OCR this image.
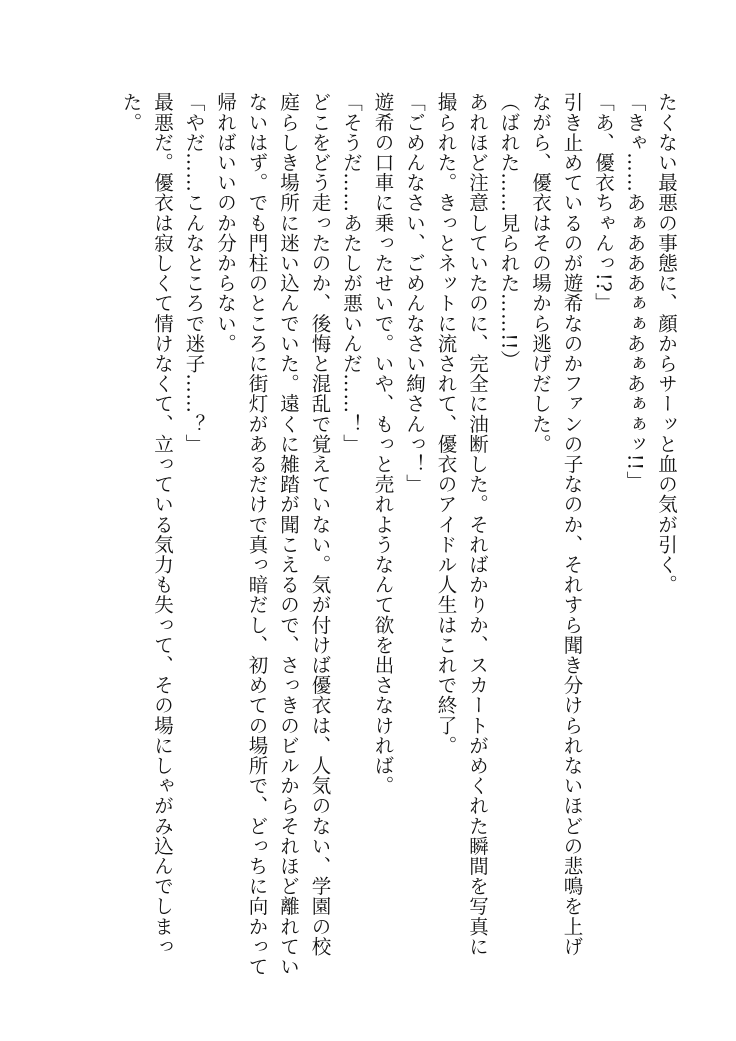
たくない最悪の事態に、顔からサーッと血の気が引く。
「きゃ……あぁあああぁぁあぁあぁぁッ!!」
「あ、優衣ちゃんっ!?」
引き止めているのが遊希なのかファンの子なのか、それすら聞き分けられないほどの悲鳴を上げ
ながら、優衣はその場から逃げだした。
（ばれた……見られた……!!）
あれほど注意していたのに、完全に油断した。そればかりか、スカートがめくれた瞬間を写真に
撮られた。きっとネットに流されて、優衣のアイドル人生はこれで終了。
「ごめんなさい、ごめんなさい絢さんっ！」
遊希の口車に乗ったせいで。いや、もっと売れようなんて欲を出さなければ。
「そうだ……あたしが悪いんだ……！」
どこをどう走ったのか、後悔と混乱で覚えていない。気が付けば優衣は、人気のない、学園の校
庭らしき場所に迷い込んでいた。遠くに雑踏が聞こえるので、さっきのビルからそれほど離れてい
ないはず。でも門柱のところに街灯があるだけで真っ暗だし、初めての場所で、どっちに向かって
帰ればいいのか分からない。
「やだ……こんなところで迷子……？」
最悪だ。優衣は寂しくて情けなくて、立っている気力も失って、その場にしゃがみ込んでしまっ
た。
